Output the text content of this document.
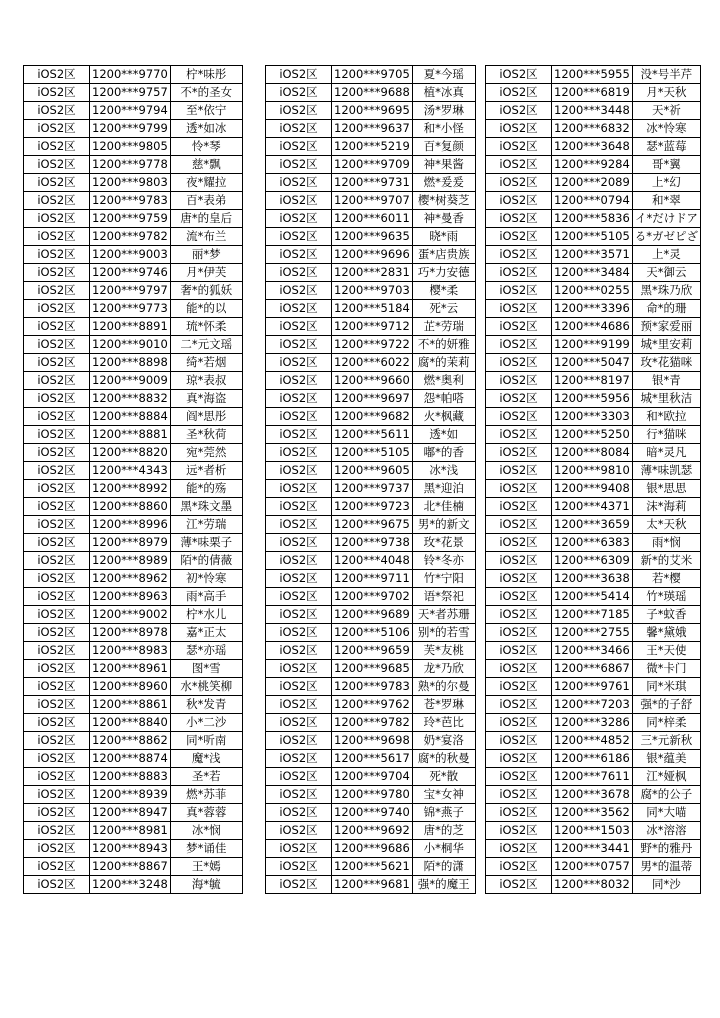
iOS2区	1200***9770	柠*味彤
iOS2区	1200***9757	不*的圣女
iOS2区	1200***9794	至*依宁
iOS2区	1200***9799	透*如冰
iOS2区	1200***9805	怜*琴
iOS2区	1200***9778	慈*飘
iOS2区	1200***9803	夜*耀拉
iOS2区	1200***9783	百*表弟
iOS2区	1200***9759	唐*的皇后
iOS2区	1200***9782	流*布兰
iOS2区	1200***9003	丽*梦
iOS2区	1200***9746	月*伊芙
iOS2区	1200***9797	奢*的狐妖
iOS2区	1200***9773	能*的以
iOS2区	1200***8891	琉*怀柔
iOS2区	1200***9010	二*元文瑶
iOS2区	1200***8898	绮*若烟
iOS2区	1200***9009	琼*表叔
iOS2区	1200***8832	真*海盗
iOS2区	1200***8884	阎*思彤
iOS2区	1200***8881	圣*秋荷
iOS2区	1200***8820	宛*莞然
iOS2区	1200***4343	远*者析
iOS2区	1200***8992	能*的殇
iOS2区	1200***8860	黑*珠文墨
iOS2区	1200***8996	江*劳瑞
iOS2区	1200***8979	薄*味栗子
iOS2区	1200***8989	陌*的倩薇
iOS2区	1200***8962	初*怜寒
iOS2区	1200***8963	雨*高手
iOS2区	1200***9002	柠*水儿
iOS2区	1200***8978	嘉*正太
iOS2区	1200***8983	瑟*亦瑶
iOS2区	1200***8961	图*雪
iOS2区	1200***8960	水*桃笑柳
iOS2区	1200***8861	秋*发青
iOS2区	1200***8840	小*二沙
iOS2区	1200***8862	同*听南
iOS2区	1200***8874	魔*浅
iOS2区	1200***8883	圣*若
iOS2区	1200***8939	燃*苏菲
iOS2区	1200***8947	真*蓉蓉
iOS2区	1200***8981	冰*悯
iOS2区	1200***8943	梦*诵佳
iOS2区	1200***8867	王*嫣
iOS2区	1200***3248	海*毓
iOS2区	1200***9705	夏*今瑶
iOS2区	1200***9688	植*冰真
iOS2区	1200***9695	汤*罗琳
iOS2区	1200***9637	和*小怪
iOS2区	1200***5219	百*复颜
iOS2区	1200***9709	神*果酱
iOS2区	1200***9731	燃*爰爰
iOS2区	1200***9707	樱*树葵芝
iOS2区	1200***6011	神*曼香
iOS2区	1200***9635	晓*雨
iOS2区	1200***9696	蛋*店贵族
iOS2区	1200***2831	巧*力安德
iOS2区	1200***9703	樱*柔
iOS2区	1200***5184	死*云
iOS2区	1200***9712	芷*劳瑞
iOS2区	1200***9722	不*的妍雅
iOS2区	1200***6022	腐*的茉莉
iOS2区	1200***9660	燃*奥利
iOS2区	1200***9697	怨*帕嗒
iOS2区	1200***9682	火*枫藏
iOS2区	1200***5611	透*如
iOS2区	1200***5105	嘟*的香
iOS2区	1200***9605	冰*浅
iOS2区	1200***9737	黑*迎泊
iOS2区	1200***9723	北*佳楠
iOS2区	1200***9675	男*的新文
iOS2区	1200***9738	玫*花景
iOS2区	1200***4048	铃*冬亦
iOS2区	1200***9711	竹*宁阳
iOS2区	1200***9702	语*祭祀
iOS2区	1200***9689	天*者苏珊
iOS2区	1200***5106	别*的若雪
iOS2区	1200***9659	芙*友桃
iOS2区	1200***9685	龙*乃欣
iOS2区	1200***9783	熟*的尔曼
iOS2区	1200***9762	苍*罗琳
iOS2区	1200***9782	玲*芭比
iOS2区	1200***9698	奶*宴洛
iOS2区	1200***5617	腐*的秋曼
iOS2区	1200***9704	死*散
iOS2区	1200***9780	宝*女神
iOS2区	1200***9740	锦*燕子
iOS2区	1200***9692	唐*的芝
iOS2区	1200***9686	小*桐华
iOS2区	1200***5621	陌*的潇
iOS2区	1200***9681	强*的魔王
iOS2区	1200***5955	没*号半芹
iOS2区	1200***6819	月*天秋
iOS2区	1200***3448	天*祈
iOS2区	1200***6832	冰*怜寒
iOS2区	1200***3648	瑟*蓝莓
iOS2区	1200***9284	哥*翼
iOS2区	1200***2089	上*幻
iOS2区	1200***0794	和*翠
iOS2区	1200***5836	イ*だけドア
iOS2区	1200***5105	る*ガゼピざ
iOS2区	1200***3571	上*灵
iOS2区	1200***3484	天*御云
iOS2区	1200***0255	黑*珠乃欣
iOS2区	1200***3396	命*的珊
iOS2区	1200***4686	预*家爱丽
iOS2区	1200***9199	城*里安莉
iOS2区	1200***5047	玫*花猫咪
iOS2区	1200***8197	银*青
iOS2区	1200***5956	城*里秋洁
iOS2区	1200***3303	和*欧拉
iOS2区	1200***5250	行*猫咪
iOS2区	1200***8084	暗*灵凡
iOS2区	1200***9810	薄*味凯瑟
iOS2区	1200***9408	银*思思
iOS2区	1200***4371	沫*海莉
iOS2区	1200***3659	太*天秋
iOS2区	1200***6383	雨*悯
iOS2区	1200***6309	新*的艾米
iOS2区	1200***3638	若*樱
iOS2区	1200***5414	竹*瑛瑶
iOS2区	1200***7185	子*蚊香
iOS2区	1200***2755	馨*黛娥
iOS2区	1200***3466	王*天使
iOS2区	1200***6867	微*卡门
iOS2区	1200***9761	同*米琪
iOS2区	1200***7203	强*的子舒
iOS2区	1200***3286	同*梓柔
iOS2区	1200***4852	三*元新秋
iOS2区	1200***6186	银*蕴美
iOS2区	1200***7611	江*娅枫
iOS2区	1200***3678	腐*的公子
iOS2区	1200***3562	同*大喵
iOS2区	1200***1503	冰*溶溶
iOS2区	1200***3441	野*的雅丹
iOS2区	1200***0757	男*的温蒂
iOS2区	1200***8032	同*沙
